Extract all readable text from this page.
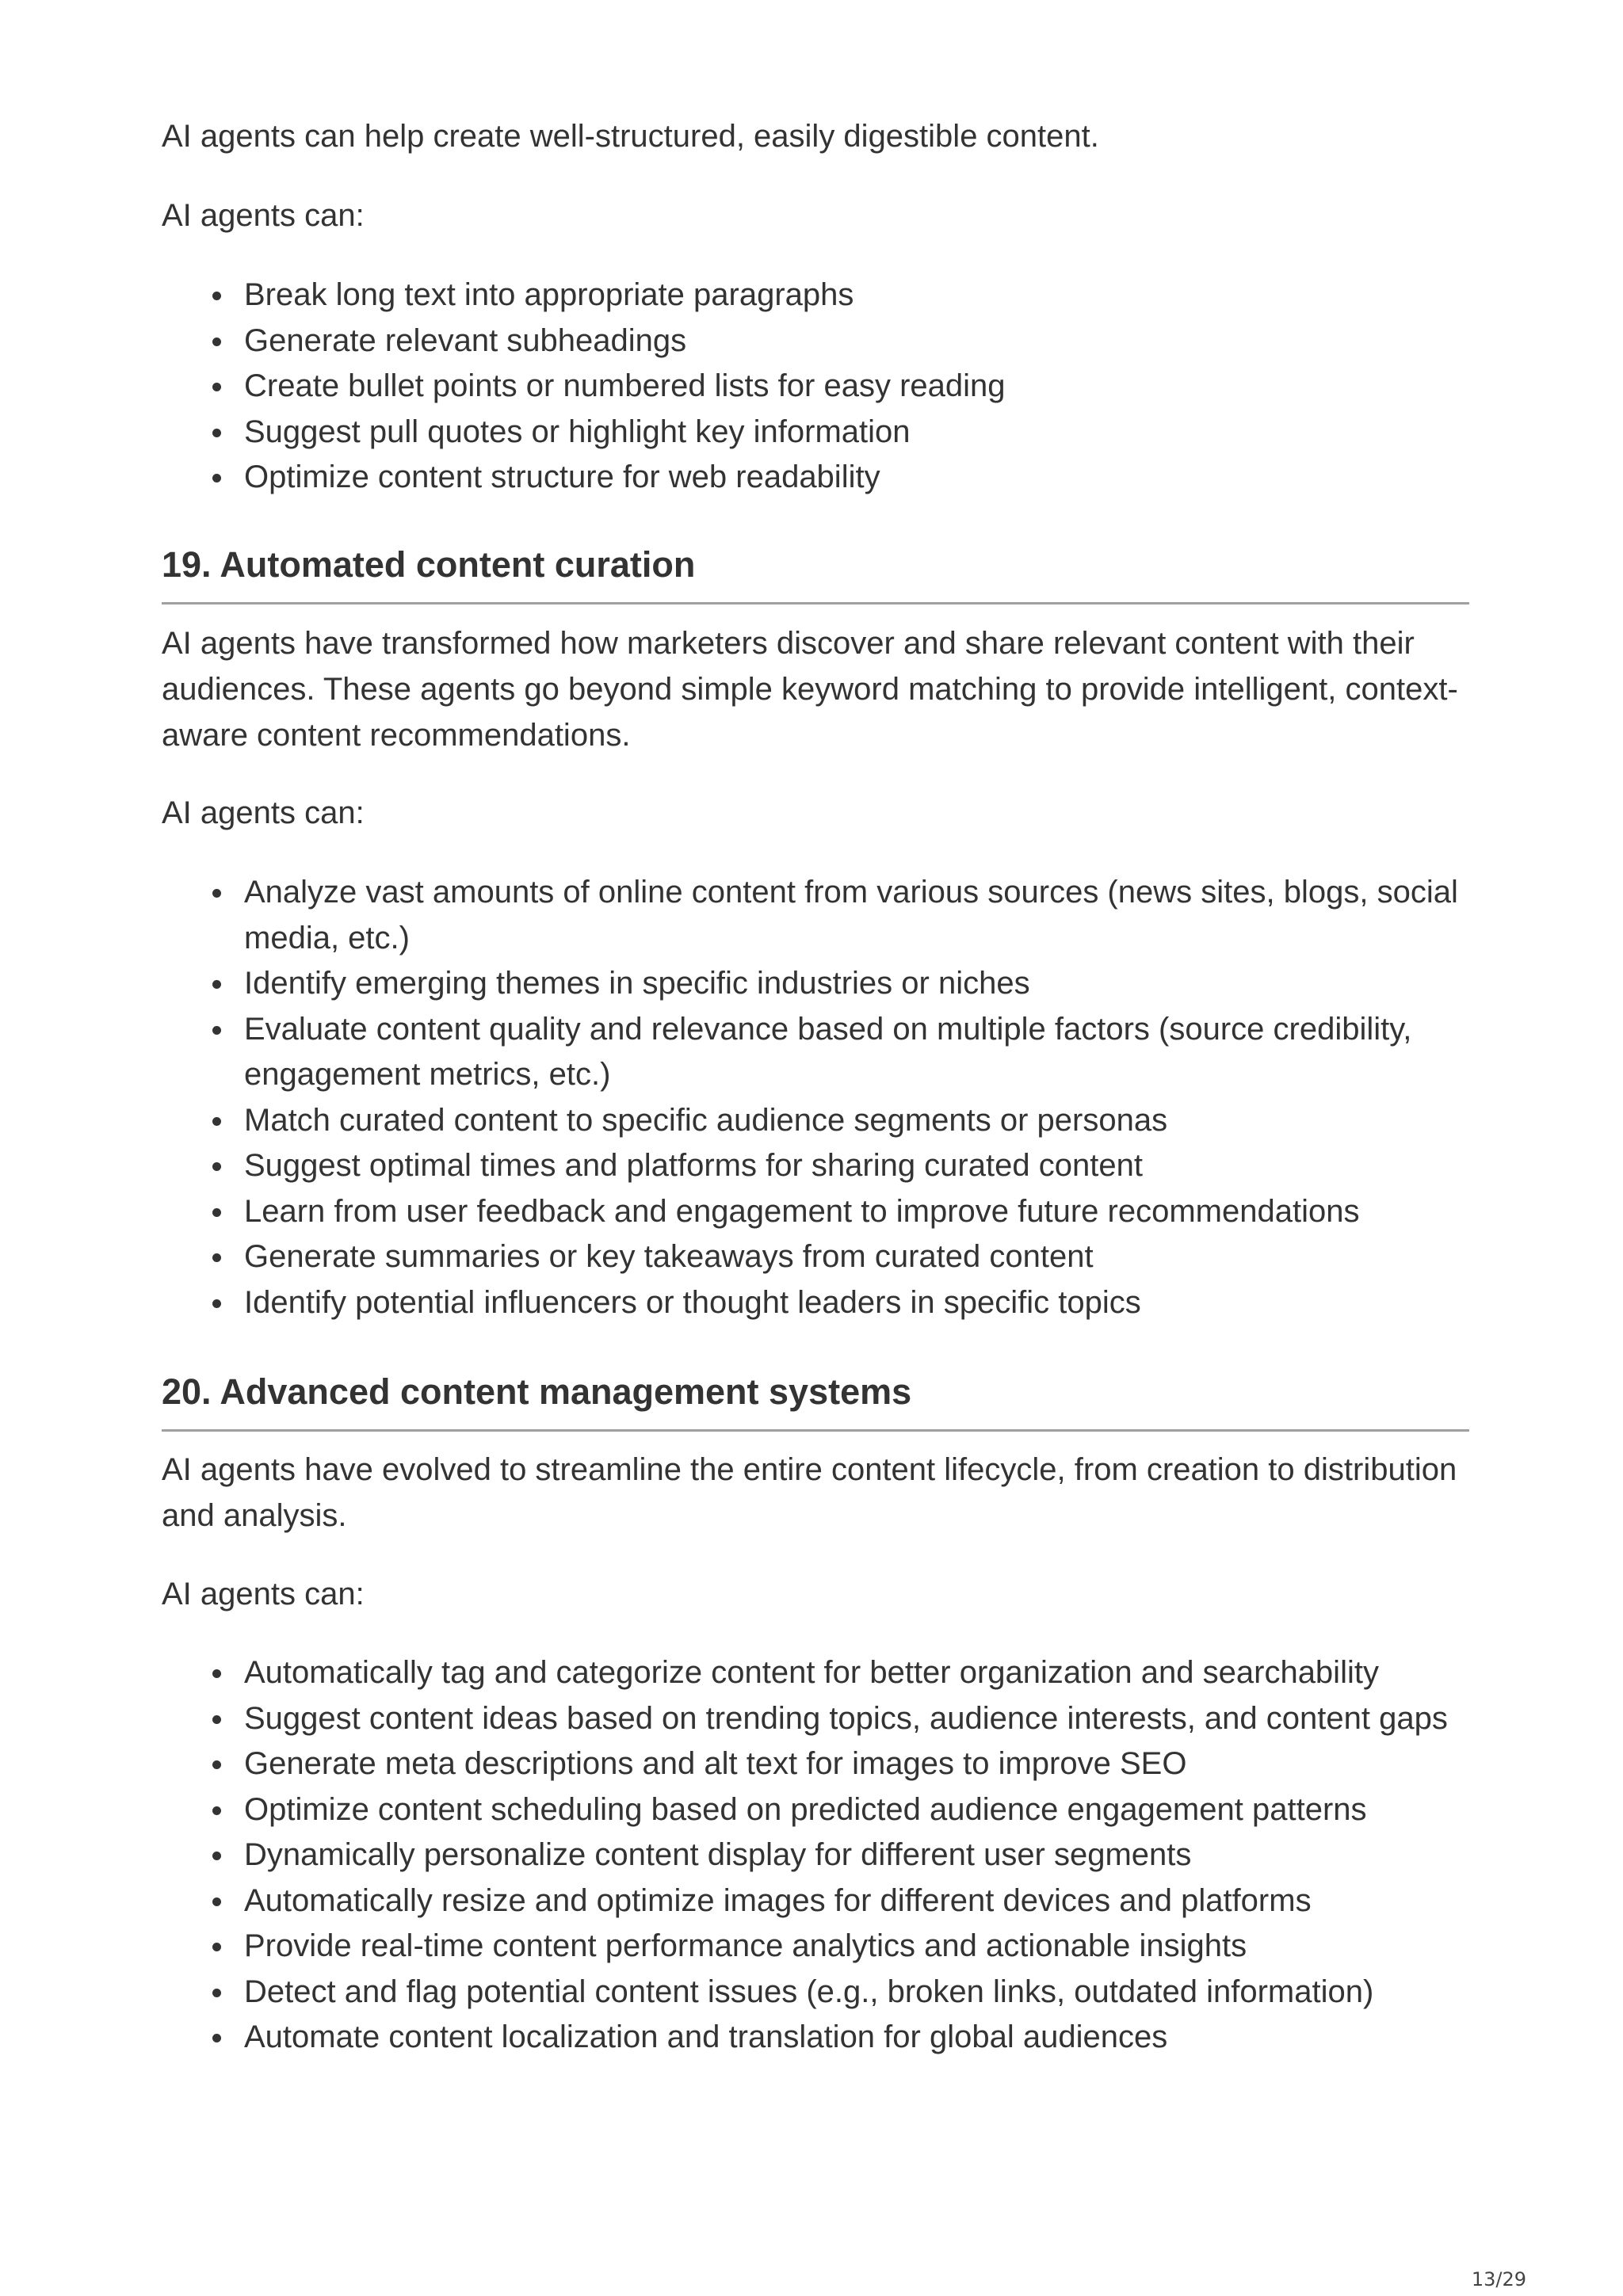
AI agents can help create well-structured, easily digestible content.

AI agents can:

Break long text into appropriate paragraphs
Generate relevant subheadings
Create bullet points or numbered lists for easy reading
Suggest pull quotes or highlight key information
Optimize content structure for web readability
19. Automated content curation

AI agents have transformed how marketers discover and share relevant content with their audiences. These agents go beyond simple keyword matching to provide intelligent, context-aware content recommendations.

AI agents can:

Analyze vast amounts of online content from various sources (news sites, blogs, social media, etc.)
Identify emerging themes in specific industries or niches
Evaluate content quality and relevance based on multiple factors (source credibility, engagement metrics, etc.)
Match curated content to specific audience segments or personas
Suggest optimal times and platforms for sharing curated content
Learn from user feedback and engagement to improve future recommendations
Generate summaries or key takeaways from curated content
Identify potential influencers or thought leaders in specific topics
20. Advanced content management systems

AI agents have evolved to streamline the entire content lifecycle, from creation to distribution and analysis.

AI agents can:

Automatically tag and categorize content for better organization and searchability
Suggest content ideas based on trending topics, audience interests, and content gaps
Generate meta descriptions and alt text for images to improve SEO
Optimize content scheduling based on predicted audience engagement patterns
Dynamically personalize content display for different user segments
Automatically resize and optimize images for different devices and platforms
Provide real-time content performance analytics and actionable insights
Detect and flag potential content issues (e.g., broken links, outdated information)
Automate content localization and translation for global audiences
13/29
